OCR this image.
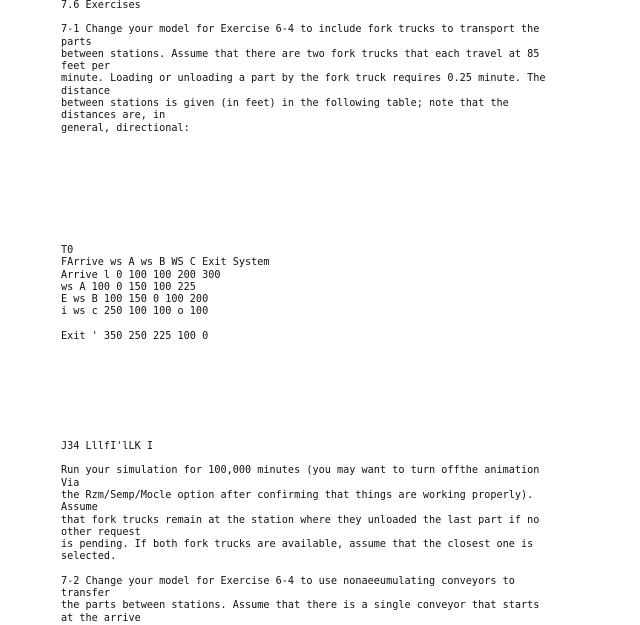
7.6 Exercises
7-1 Change your model for Exercise 6-4 to include fork trucks to transport the
parts
between stations. Assume that there are two fork trucks that each travel at 85
feet per
minute. Loading or unloading a part by the fork truck requires 0.25 minute. The
distance
between stations is given (in feet) in the following table; note that the
distances are, in
general, directional:
T0
FArrive ws A ws B WS C Exit System
Arrive l 0 100 100 200 300
ws A 100 0 150 100 225
E ws B 100 150 0 100 200
i ws c 250 100 100 o 100
Exit ' 350 250 225 100 0
J34 LllfI'lLK I
Run your simulation for 100,000 minutes (you may want to turn offthe animation
Via
the Rzm/Semp/Mocle option after confirming that things are working properly).
Assume
that fork trucks remain at the station where they unloaded the last part if no
other request
is pending. If both fork trucks are available, assume that the closest one is
selected.
7-2 Change your model for Exercise 6-4 to use nonaeeumulating conveyors to
transfer
the parts between stations. Assume that there is a single conveyor that starts
at the arrive
